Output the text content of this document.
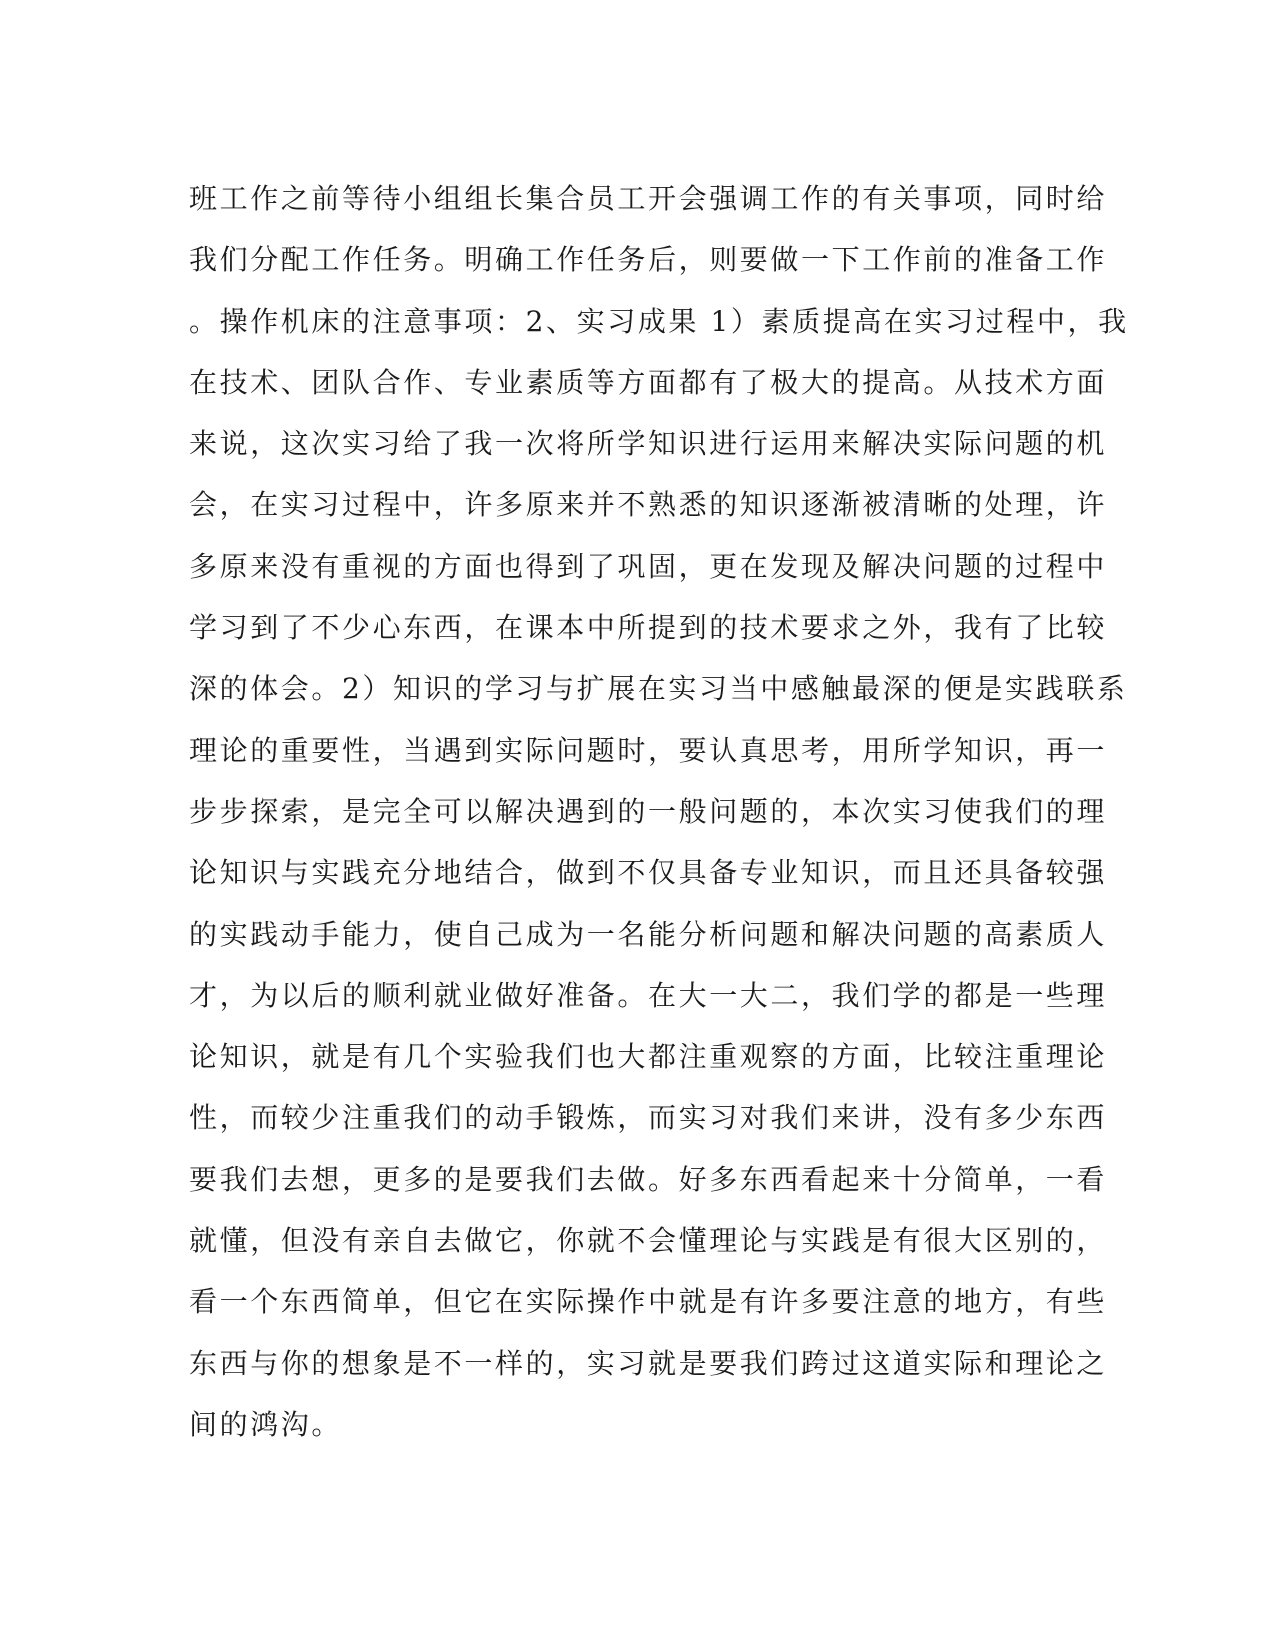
班工作之前等待小组组长集合员工开会强调工作的有关事项，同时给
我们分配工作任务。明确工作任务后，则要做一下工作前的准备工作
。操作机床的注意事项：2、实习成果 1）素质提高在实习过程中，我
在技术、团队合作、专业素质等方面都有了极大的提高。从技术方面
来说，这次实习给了我一次将所学知识进行运用来解决实际问题的机
会，在实习过程中，许多原来并不熟悉的知识逐渐被清晰的处理，许
多原来没有重视的方面也得到了巩固，更在发现及解决问题的过程中
学习到了不少心东西，在课本中所提到的技术要求之外，我有了比较
深的体会。2）知识的学习与扩展在实习当中感触最深的便是实践联系
理论的重要性，当遇到实际问题时，要认真思考，用所学知识，再一
步步探索，是完全可以解决遇到的一般问题的，本次实习使我们的理
论知识与实践充分地结合，做到不仅具备专业知识，而且还具备较强
的实践动手能力，使自己成为一名能分析问题和解决问题的高素质人
才，为以后的顺利就业做好准备。在大一大二，我们学的都是一些理
论知识，就是有几个实验我们也大都注重观察的方面，比较注重理论
性，而较少注重我们的动手锻炼，而实习对我们来讲，没有多少东西
要我们去想，更多的是要我们去做。好多东西看起来十分简单，一看
就懂，但没有亲自去做它，你就不会懂理论与实践是有很大区别的，
看一个东西简单，但它在实际操作中就是有许多要注意的地方，有些
东西与你的想象是不一样的，实习就是要我们跨过这道实际和理论之
间的鸿沟。
